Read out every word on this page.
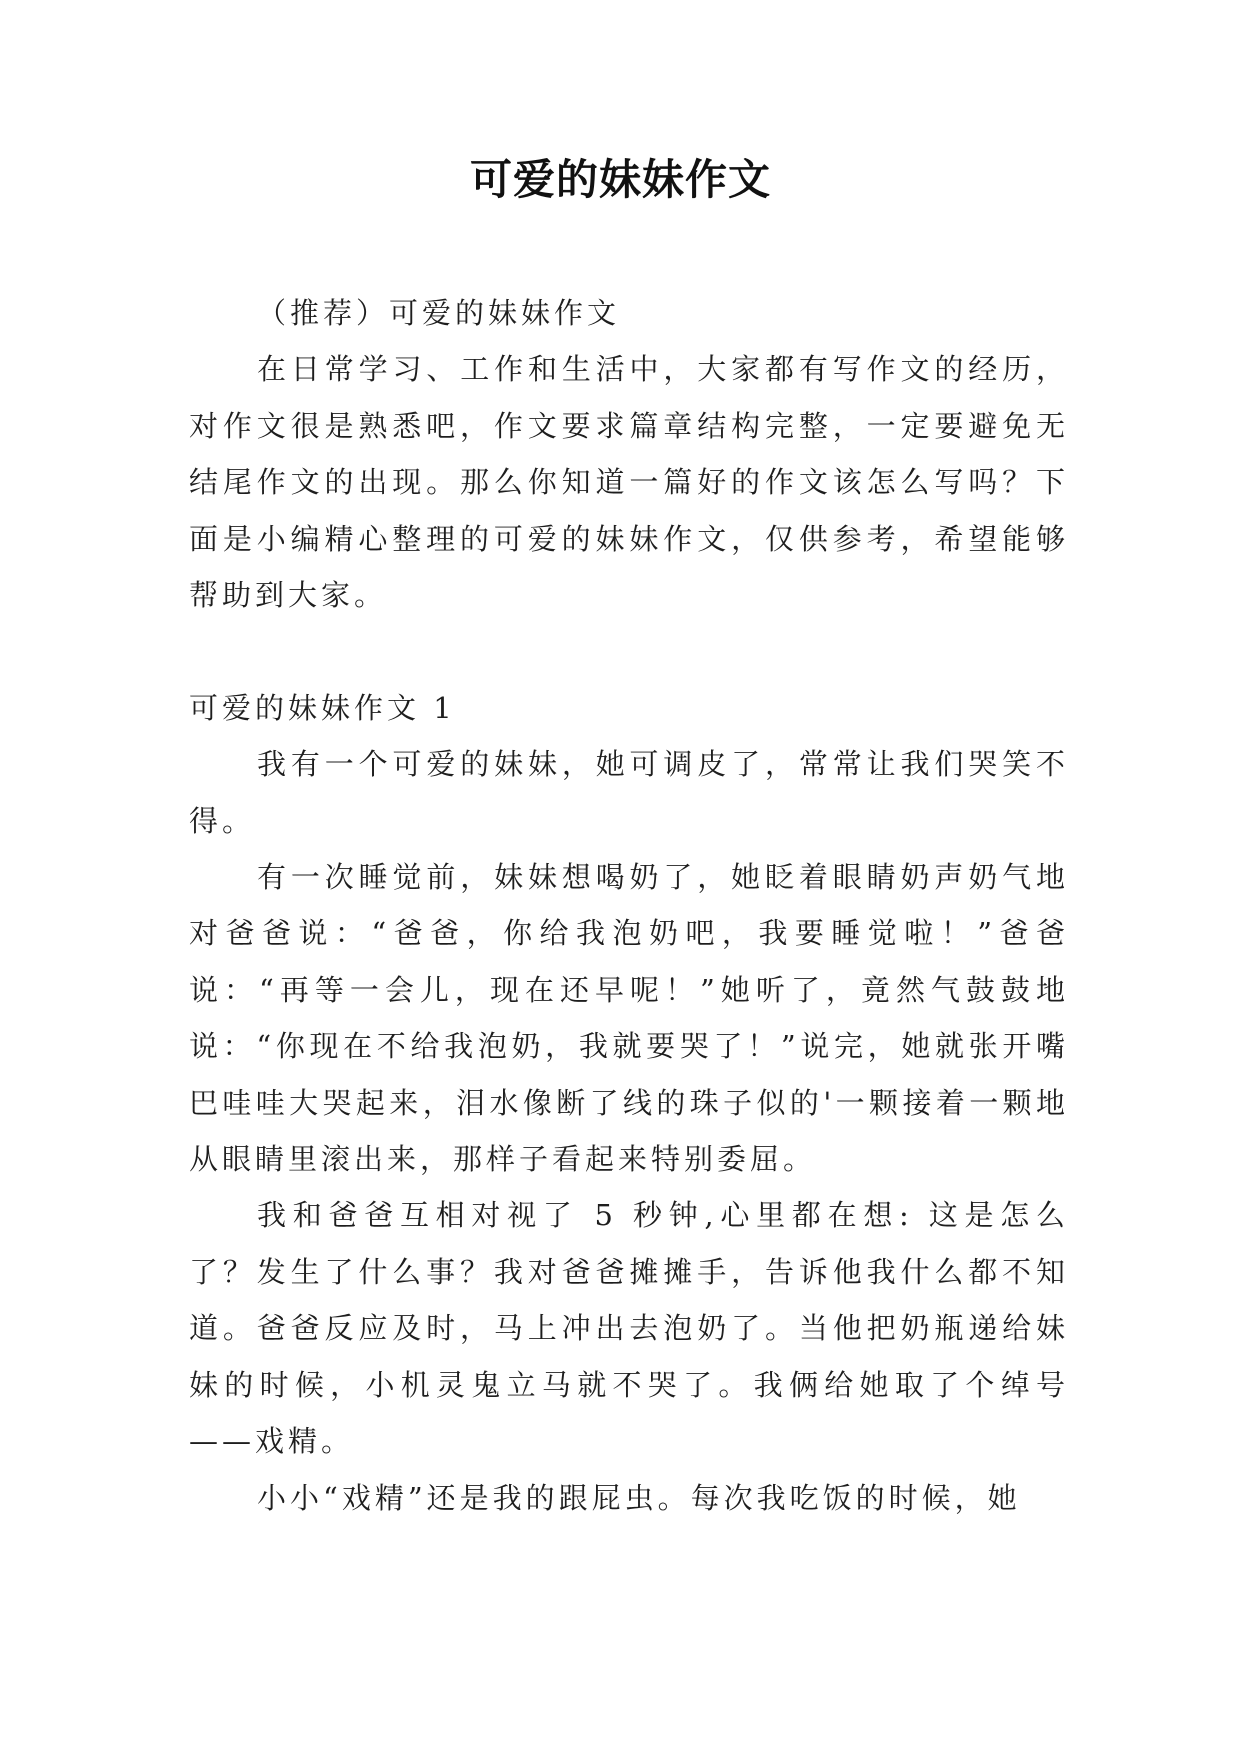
可爱的妹妹作文

（推荐）可爱的妹妹作文

在日常学习、工作和生活中，大家都有写作文的经历，对作文很是熟悉吧，作文要求篇章结构完整，一定要避免无结尾作文的出现。那么你知道一篇好的作文该怎么写吗？下面是小编精心整理的可爱的妹妹作文，仅供参考，希望能够帮助到大家。

可爱的妹妹作文 1

我有一个可爱的妹妹，她可调皮了，常常让我们哭笑不得。

有一次睡觉前，妹妹想喝奶了，她眨着眼睛奶声奶气地对爸爸说：“爸爸，你给我泡奶吧，我要睡觉啦！”爸爸说：“再等一会儿，现在还早呢！”她听了，竟然气鼓鼓地说：“你现在不给我泡奶，我就要哭了！”说完，她就张开嘴巴哇哇大哭起来，泪水像断了线的珠子似的'一颗接着一颗地从眼睛里滚出来，那样子看起来特别委屈。

我和爸爸互相对视了 5 秒钟,心里都在想: 这是怎么了？发生了什么事？我对爸爸摊摊手，告诉他我什么都不知道。爸爸反应及时，马上冲出去泡奶了。当他把奶瓶递给妹妹的时候，小机灵鬼立马就不哭了。我俩给她取了个绰号——戏精。

小小“戏精”还是我的跟屁虫。每次我吃饭的时候，她
